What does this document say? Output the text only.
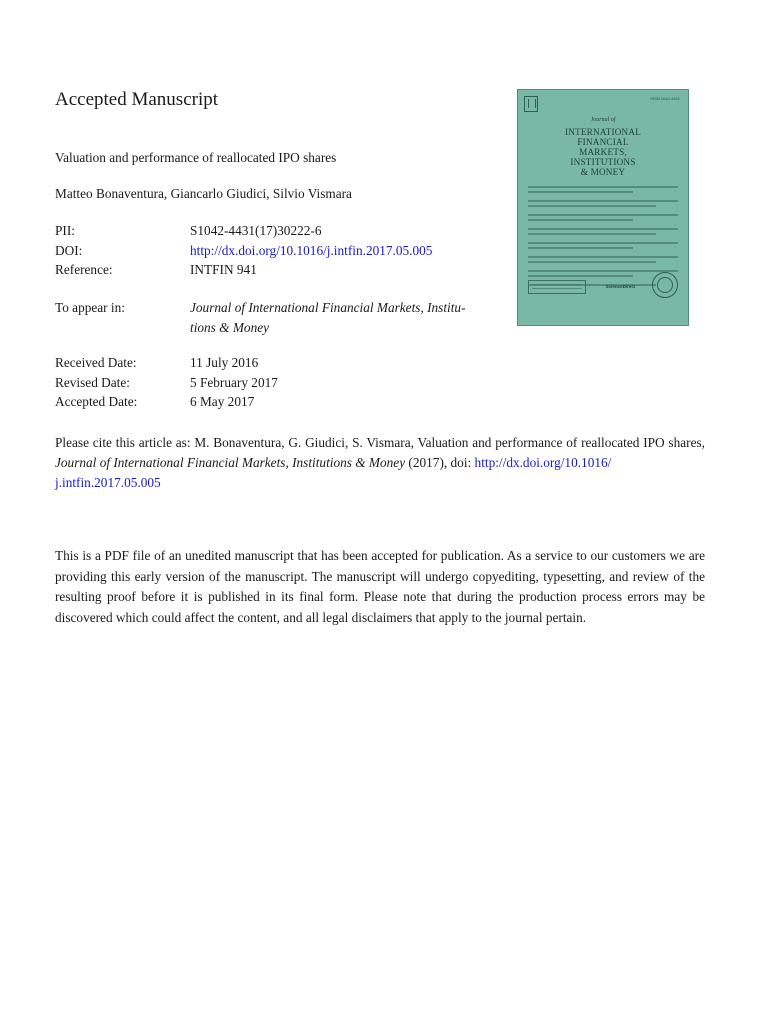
Accepted Manuscript
Valuation and performance of reallocated IPO shares
Matteo Bonaventura, Giancarlo Giudici, Silvio Vismara
PII:	S1042-4431(17)30222-6
DOI:	http://dx.doi.org/10.1016/j.intfin.2017.05.005
Reference:	INTFIN 941
To appear in:	Journal of International Financial Markets, Institu-
tions & Money
Received Date:	11 July 2016
Revised Date:	5 February 2017
Accepted Date:	6 May 2017
Please cite this article as: M. Bonaventura, G. Giudici, S. Vismara, Valuation and performance of reallocated IPO shares, Journal of International Financial Markets, Institutions & Money (2017), doi: http://dx.doi.org/10.1016/
j.intfin.2017.05.005
This is a PDF file of an unedited manuscript that has been accepted for publication. As a service to our customers we are providing this early version of the manuscript. The manuscript will undergo copyediting, typesetting, and review of the resulting proof before it is published in its final form. Please note that during the production process errors may be discovered which could affect the content, and all legal disclaimers that apply to the journal pertain.
ISSN 1042-4431
Journal of
INTERNATIONAL
FINANCIAL
MARKETS,
INSTITUTIONS
& MONEY
ScienceDirect
